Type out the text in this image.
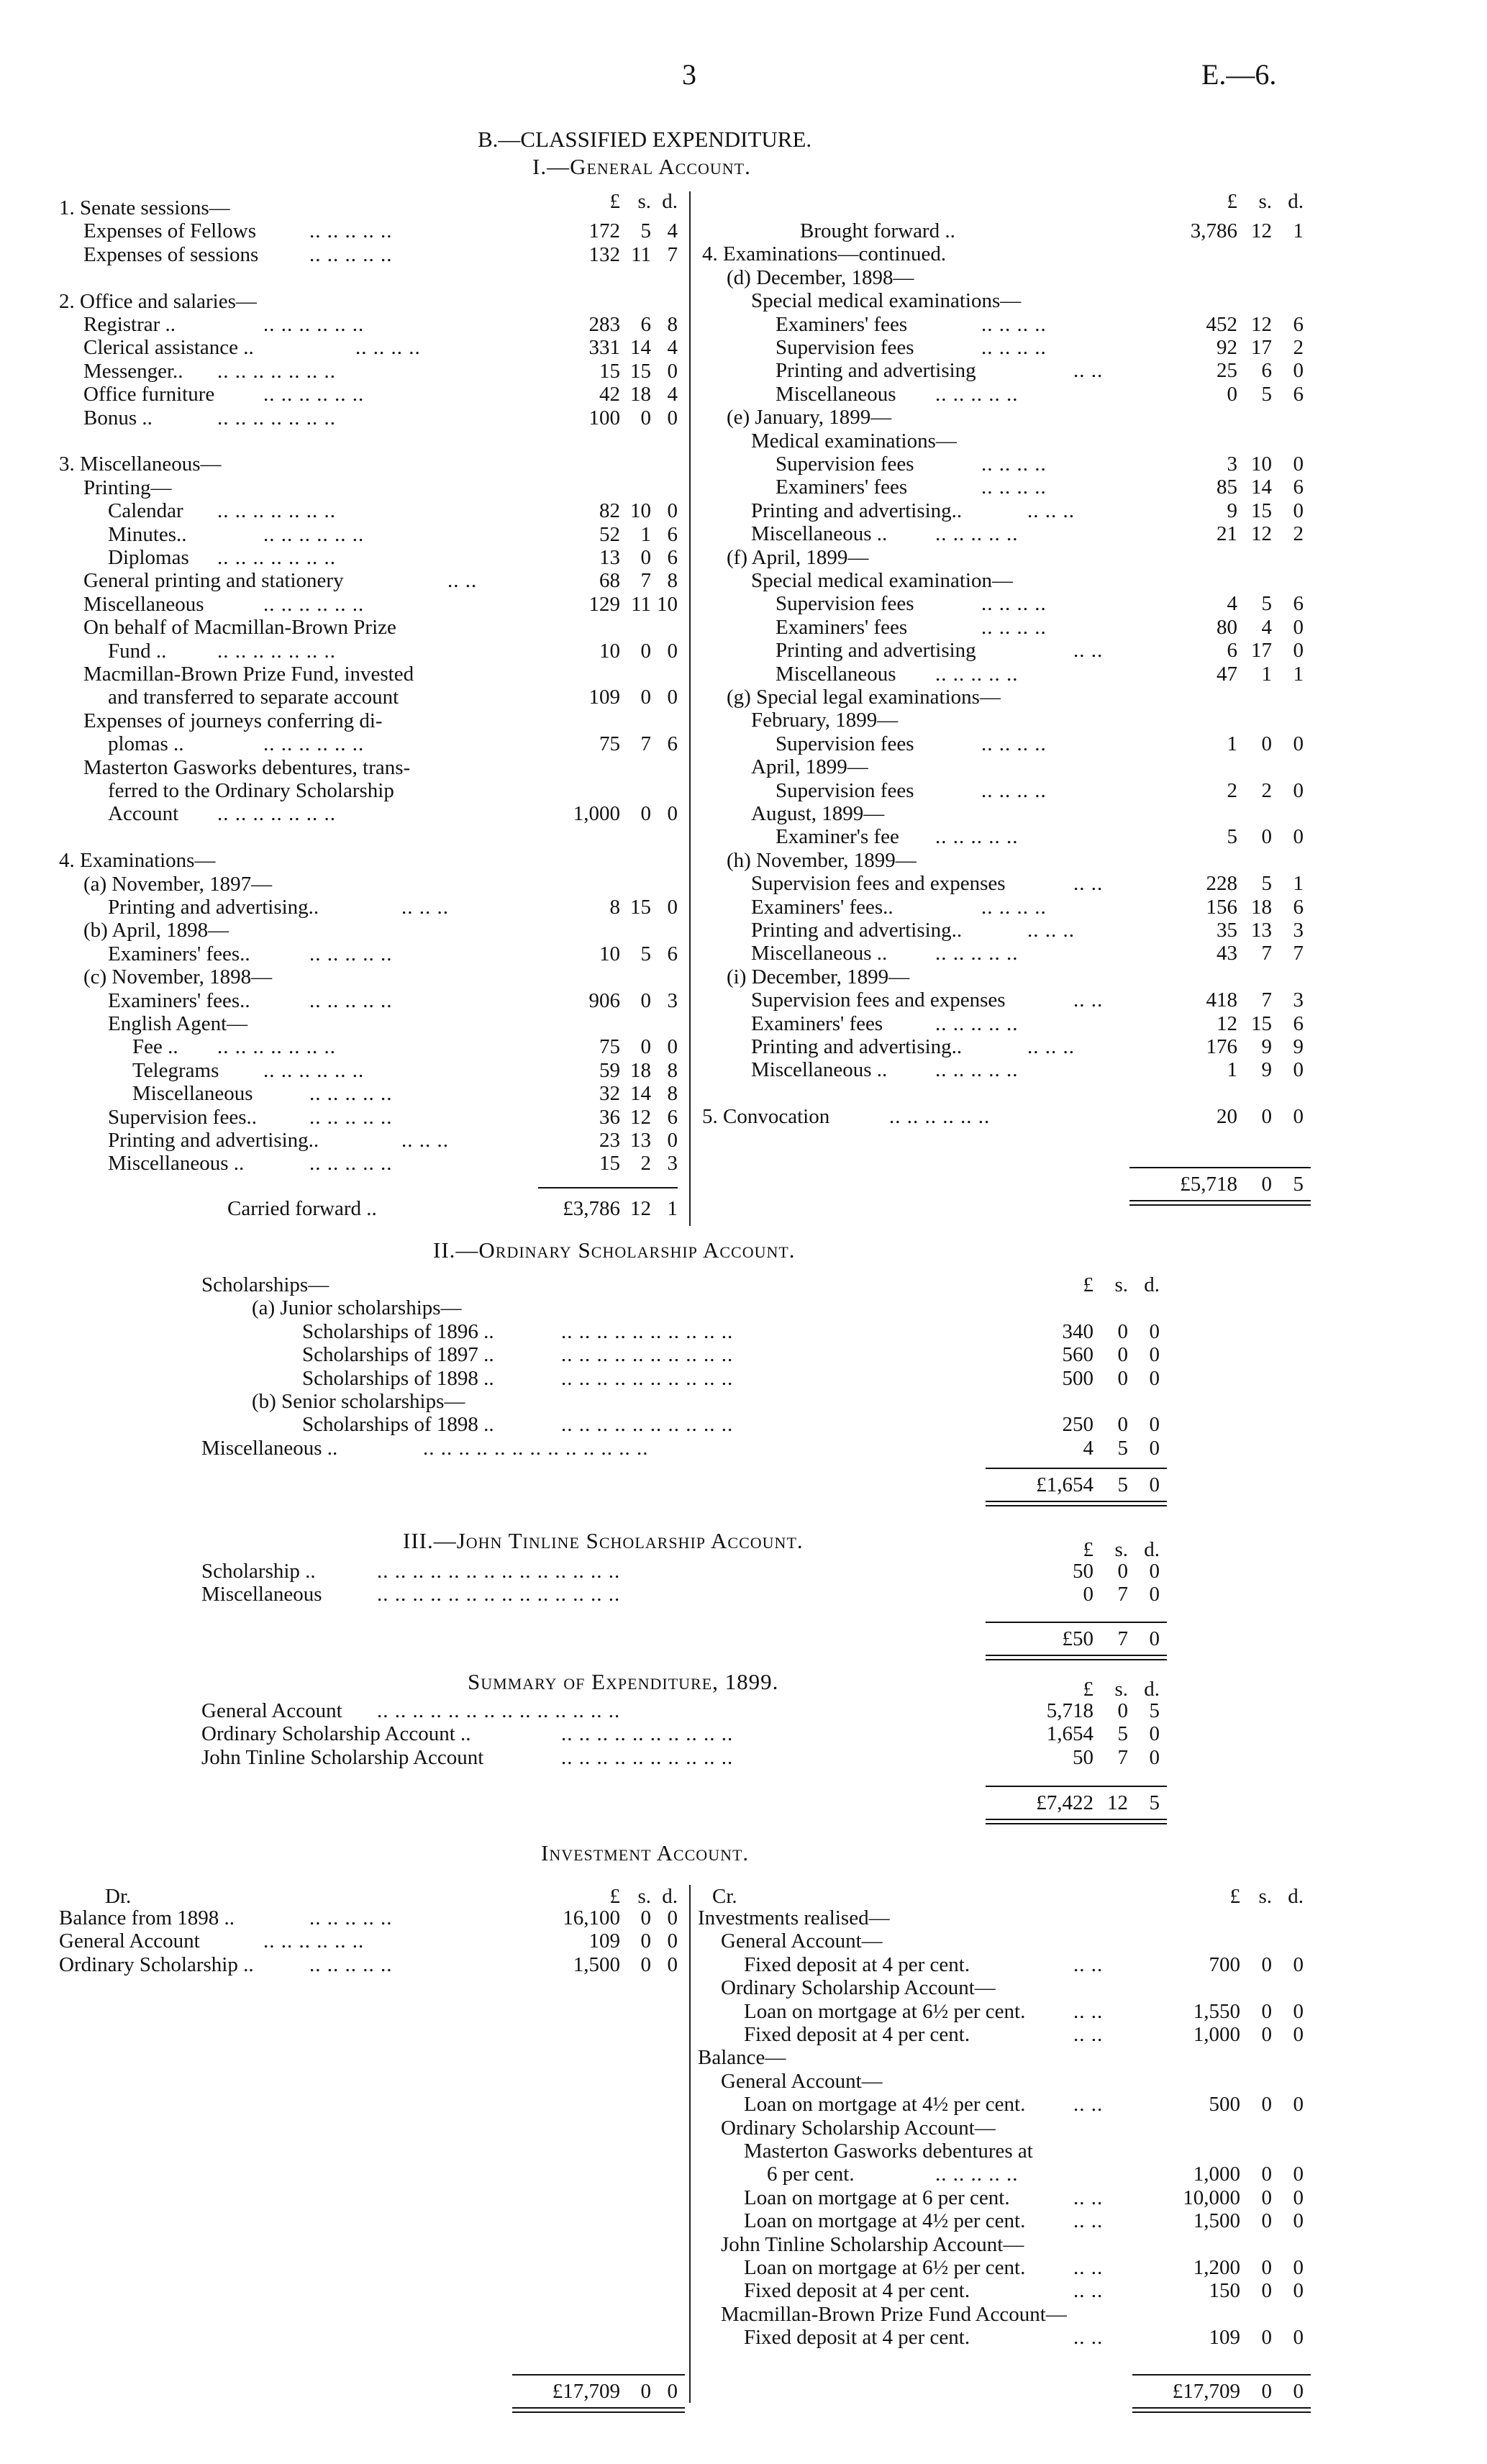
3	E.—6.
B.—CLASSIFIED EXPENDITURE.
I.—General Account.
£ s. d.
1. Senate sessions—
Expenses of Fellows	.. .. .. .. ..	172 5 4
Expenses of sessions .. .. .. .. ..	132 11 7
2. Office and salaries—
Registrar ..	.. .. .. .. .. ..	283 6 8
Clerical assistance ..	.. .. .. ..	331 14 4
Messenger.. .. .. .. .. .. .. ..	15 15 0
Office furniture .. .. .. .. .. ..	42 18 4
Bonus ..	.. .. .. .. .. .. ..	100 0 0
3. Miscellaneous—
Printing—
Calendar .. .. .. .. .. .. ..	82 10 0
Minutes..	.. .. .. .. .. ..	52 1 6
Diplomas .. .. .. .. .. .. ..	13 0 6
General printing and stationery	.. ..	68 7 8
Miscellaneous	.. .. .. .. .. ..	129 11 10
On behalf of Macmillan-Brown Prize
Fund .. .. .. .. .. .. .. ..	10 0 0
Macmillan-Brown Prize Fund, invested
and transferred to separate account	109 0 0
Expenses of journeys conferring di-
plomas ..	.. .. .. .. .. ..	75 7 6
Masterton Gasworks debentures, trans-
ferred to the Ordinary Scholarship
Account .. .. .. .. .. .. ..	1,000 0 0
4. Examinations—
(a) November, 1897—
Printing and advertising..	.. .. ..	8 15 0
(b) April, 1898—
Examiners' fees..	.. .. .. .. ..	10 5 6
(c) November, 1898—
Examiners' fees..	.. .. .. .. ..	906 0 3
English Agent—
Fee .. .. .. .. .. .. .. ..	75 0 0
Telegrams .. .. .. .. .. ..	59 18 8
Miscellaneous	.. .. .. .. ..	32 14 8
Supervision fees..	.. .. .. .. ..	36 12 6
Printing and advertising..	.. .. ..	23 13 0
Miscellaneous ..	.. .. .. .. ..	15 2 3
Carried forward ..	£3,786 12 1
£	s. d.
Brought forward ..	3,786 12	1
4. Examinations—continued.
(d) December, 1898—
Special medical examinations—
Examiners' fees	.. .. .. ..	452 12	6
Supervision fees	.. .. .. ..	92 17	2
Printing and advertising	.. ..	25	6	0
Miscellaneous .. .. .. .. ..	0	5	6
(e) January, 1899—
Medical examinations—
Supervision fees	.. .. .. ..	3 10	0
Examiners' fees	.. .. .. ..	85 14	6
Printing and advertising..	.. .. ..	9 15	0
Miscellaneous .. .. .. .. .. ..	21 12	2
(f) April, 1899—
Special medical examination—
Supervision fees	.. .. .. ..	4	5	6
Examiners' fees	.. .. .. ..	80	4	0
Printing and advertising	.. ..	6 17	0
Miscellaneous .. .. .. .. ..	47	1	1
(g) Special legal examinations—
February, 1899—
Supervision fees	.. .. .. ..	1	0	0
April, 1899—
Supervision fees	.. .. .. ..	2	2	0
August, 1899—
Examiner's fee .. .. .. .. ..	5	0	0
(h) November, 1899—
Supervision fees and expenses	.. ..	228	5	1
Examiners' fees..	.. .. .. ..	156 18	6
Printing and advertising..	.. .. ..	35 13	3
Miscellaneous .. .. .. .. .. ..	43	7	7
(i) December, 1899—
Supervision fees and expenses	.. ..	418	7	3
Examiners' fees	.. .. .. .. ..	12 15	6
Printing and advertising..	.. .. ..	176	9	9
Miscellaneous .. .. .. .. .. ..	1	9	0
5. Convocation	.. .. .. .. .. ..	20	0	0
£5,718	0	5
II.—Ordinary Scholarship Account.
£	s. d.
Scholarships—
(a) Junior scholarships—
Scholarships of 1896 ..	.. .. .. .. .. .. .. .. .. ..	340	0	0
Scholarships of 1897 ..	.. .. .. .. .. .. .. .. .. ..	560	0	0
Scholarships of 1898 ..	.. .. .. .. .. .. .. .. .. ..	500	0	0
(b) Senior scholarships—
Scholarships of 1898 ..	.. .. .. .. .. .. .. .. .. ..	250	0	0
Miscellaneous ..	.. .. .. .. .. .. .. .. .. .. .. .. ..	4	5	0
£1,654	5	0
III.—John Tinline Scholarship Account.	£	s. d.
Scholarship ..	.. .. .. .. .. .. .. .. .. .. .. .. .. ..	50	0	0
Miscellaneous	.. .. .. .. .. .. .. .. .. .. .. .. .. ..	0	7	0
£50	7	0
Summary of Expenditure, 1899.	£	s. d.
General Account .. .. .. .. .. .. .. .. .. .. .. .. .. ..	5,718	0	5
Ordinary Scholarship Account ..	.. .. .. .. .. .. .. .. .. ..	1,654	5	0
John Tinline Scholarship Account	.. .. .. .. .. .. .. .. .. ..	50	7	0
£7,422 12	5
Investment Account.
Dr.	£ s. d.
Balance from 1898 ..	.. .. .. .. ..	16,100 0 0
General Account	.. .. .. .. .. ..	109 0 0
Ordinary Scholarship ..	.. .. .. .. ..	1,500 0 0
£17,709 0 0
Cr.	£ s. d.
Investments realised—
General Account—
Fixed deposit at 4 per cent.	.. ..	700	0	0
Ordinary Scholarship Account—
Loan on mortgage at 6½ per cent. .. ..	1,550	0	0
Fixed deposit at 4 per cent.	.. ..	1,000	0	0
Balance—
General Account—
Loan on mortgage at 4½ per cent. .. ..	500	0	0
Ordinary Scholarship Account—
Masterton Gasworks debentures at
6 per cent.	.. .. .. .. ..	1,000	0	0
Loan on mortgage at 6 per cent.	.. ..	10,000	0	0
Loan on mortgage at 4½ per cent. .. ..	1,500	0	0
John Tinline Scholarship Account—
Loan on mortgage at 6½ per cent. .. ..	1,200	0	0
Fixed deposit at 4 per cent.	.. ..	150	0	0
Macmillan-Brown Prize Fund Account—
Fixed deposit at 4 per cent.	.. ..	109	0	0
£17,709	0	0
